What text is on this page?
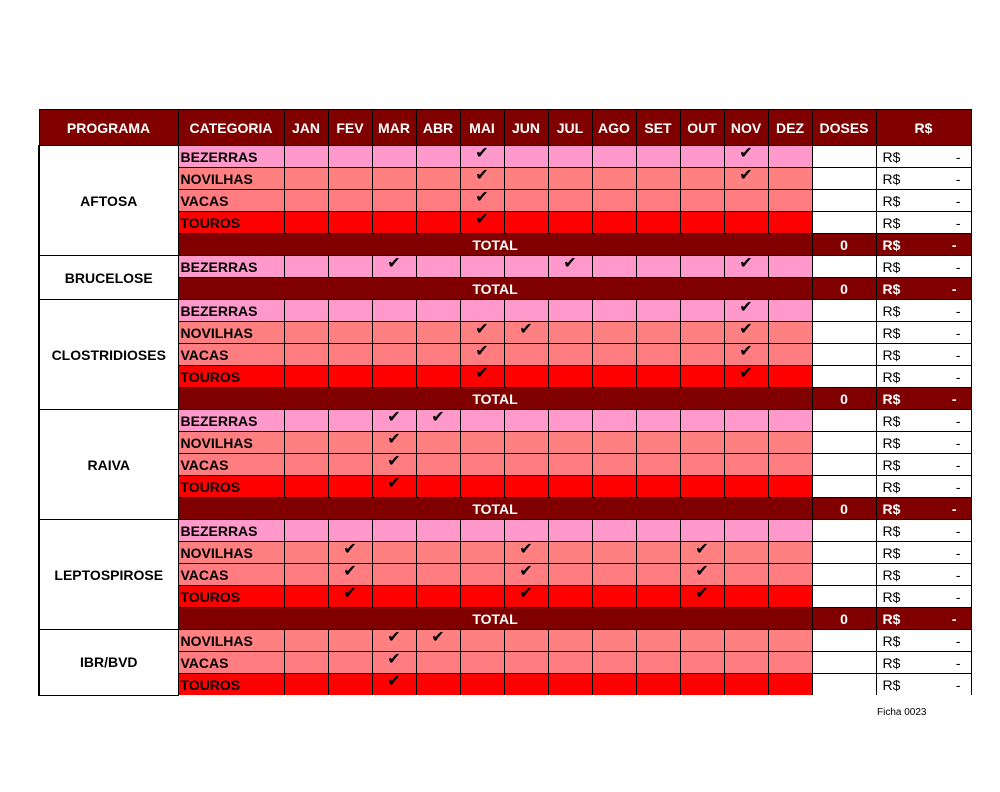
PROGRAMA	CATEGORIA	JAN	FEV	MAR	ABR	MAI	JUN	JUL	AGO	SET	OUT	NOV	DEZ	DOSES	R$
AFTOSA	BEZERRAS					✔						✔			R$ -

	NOVILHAS					✔						✔			R$ -

	VACAS					✔									R$ -

	TOUROS					✔									R$ -

	TOTAL													0	R$ -

BRUCELOSE	BEZERRAS			✔				✔				✔			R$ -

	TOTAL													0	R$ -

CLOSTRIDIOSES	BEZERRAS											✔			R$ -

	NOVILHAS					✔	✔					✔			R$ -

	VACAS					✔						✔			R$ -

	TOUROS					✔						✔			R$ -

	TOTAL													0	R$ -

RAIVA	BEZERRAS			✔	✔										R$ -

	NOVILHAS			✔											R$ -

	VACAS			✔											R$ -

	TOUROS			✔											R$ -

	TOTAL													0	R$ -

LEPTOSPIROSE	BEZERRAS														R$ -

	NOVILHAS		✔				✔				✔				R$ -

	VACAS		✔				✔				✔				R$ -

	TOUROS		✔				✔				✔				R$ -

	TOTAL													0	R$ -

IBR/BVD	NOVILHAS			✔	✔										R$ -

	VACAS			✔											R$ -

	TOUROS			✔											R$ -
Ficha 0023
